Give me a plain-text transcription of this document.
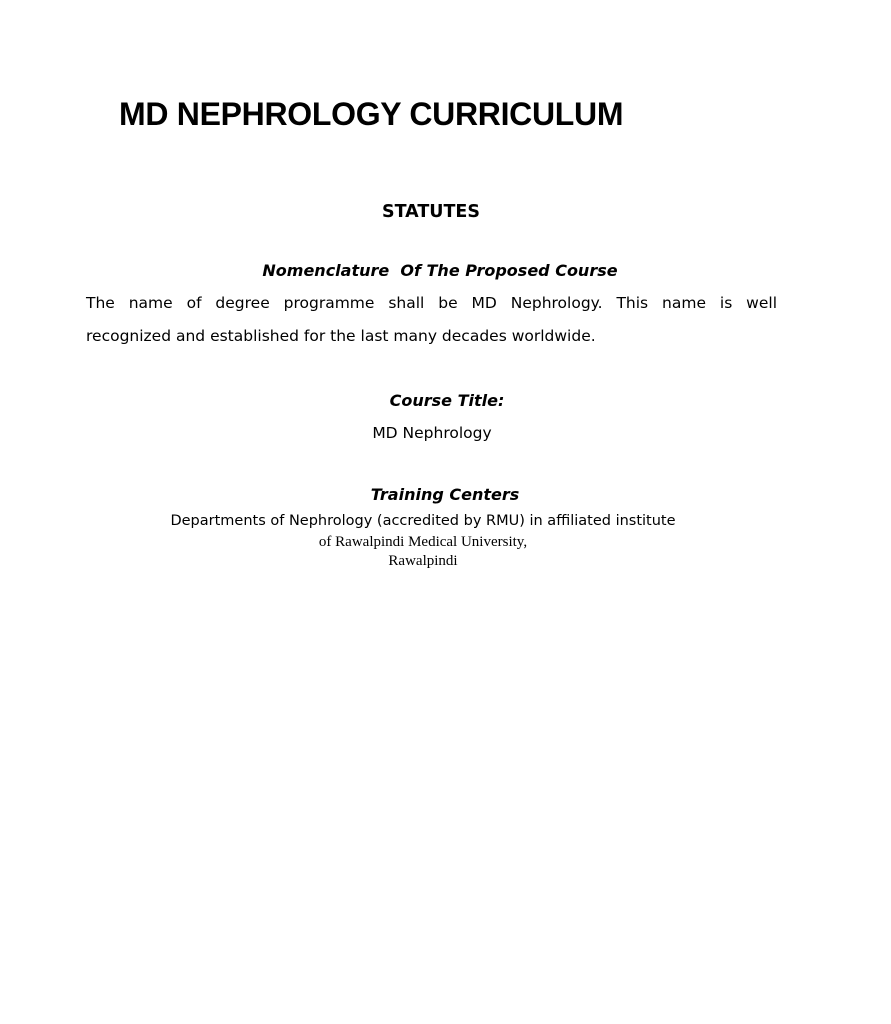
MD NEPHROLOGY CURRICULUM
STATUTES
Nomenclature  Of The Proposed Course

The name of degree programme shall be MD Nephrology. This name is well

recognized and established for the last many decades worldwide.

Course Title:

MD Nephrology

Training Centers

Departments of Nephrology (accredited by RMU) in affiliated institute

of Rawalpindi Medical University,

Rawalpindi
